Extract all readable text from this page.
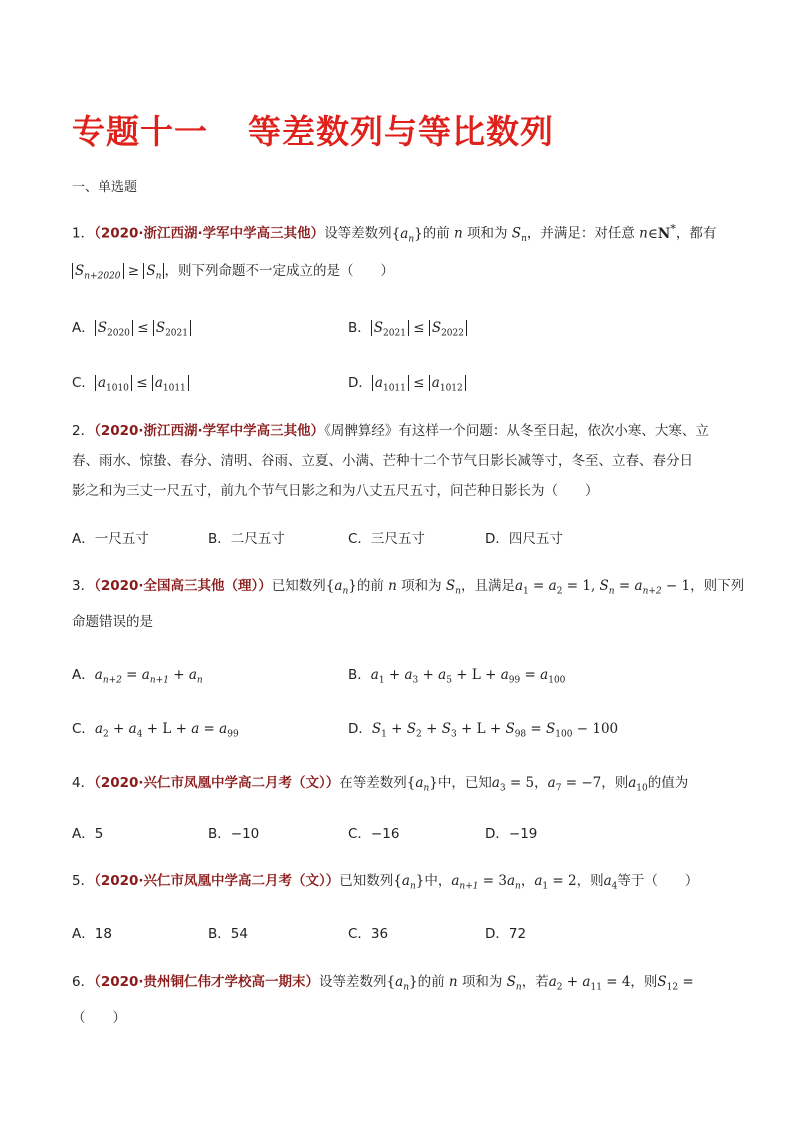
专题十一 等差数列与等比数列
一、单选题
1．（2020·浙江西湖·学军中学高三其他）设等差数列$\{a_n\}$的前 n 项和为 $S_n$，并满足：对任意 n∈N*，都有
$S_{n+2020} \ge S_n$ ，则下列命题不一定成立的是（　　）
A． $S_{2020} \le S_{2021}$	B． $S_{2021} \le S_{2022}$
C． $a_{1010} \le a_{1011}$	D． $a_{1011} \le a_{1012}$
2．（2020·浙江西湖·学军中学高三其他）《周髀算经》有这样一个问题：从冬至日起，依次小寒、大寒、立
春、雨水、惊蛰、春分、清明、谷雨、立夏、小满、芒种十二个节气日影长减等寸，冬至、立春、春分日
影之和为三丈一尺五寸，前九个节气日影之和为八丈五尺五寸，问芒种日影长为（　　）
A．一尺五寸	B．二尺五寸	C．三尺五寸	D．四尺五寸
3．（2020·全国高三其他（理））已知数列$\{a_n\}$的前 n 项和为 $S_n$，且满足$a_1 = a_2 = 1$, $S_n = a_{n+2} - 1$，则下列
命题错误的是
A．$a_{n+2} = a_{n+1} + a_n$	B．$a_1 + a_3 + a_5 + L + a_{99} = a_{100}$
C．$a_2 + a_4 + L + a = a_{99}$	D．$S_1 + S_2 + S_3 + L + S_{98} = S_{100} - 100$
4．（2020·兴仁市凤凰中学高二月考（文））在等差数列$\{a_n\}$中，已知$a_3 = 5$，$a_7 = -7$，则$a_{10}$的值为
A．5	B．−10	C．−16	D．−19
5．（2020·兴仁市凤凰中学高二月考（文））已知数列$\{a_n\}$中，$a_{n+1} = 3a_n$，$a_1 = 2$，则$a_4$等于（　　）
A．18	B．54	C．36	D．72
6．（2020·贵州铜仁伟才学校高一期末）设等差数列$\{a_n\}$的前 n 项和为 $S_n$，若$a_2 + a_{11} = 4$，则$S_{12}$ =
（　　）
